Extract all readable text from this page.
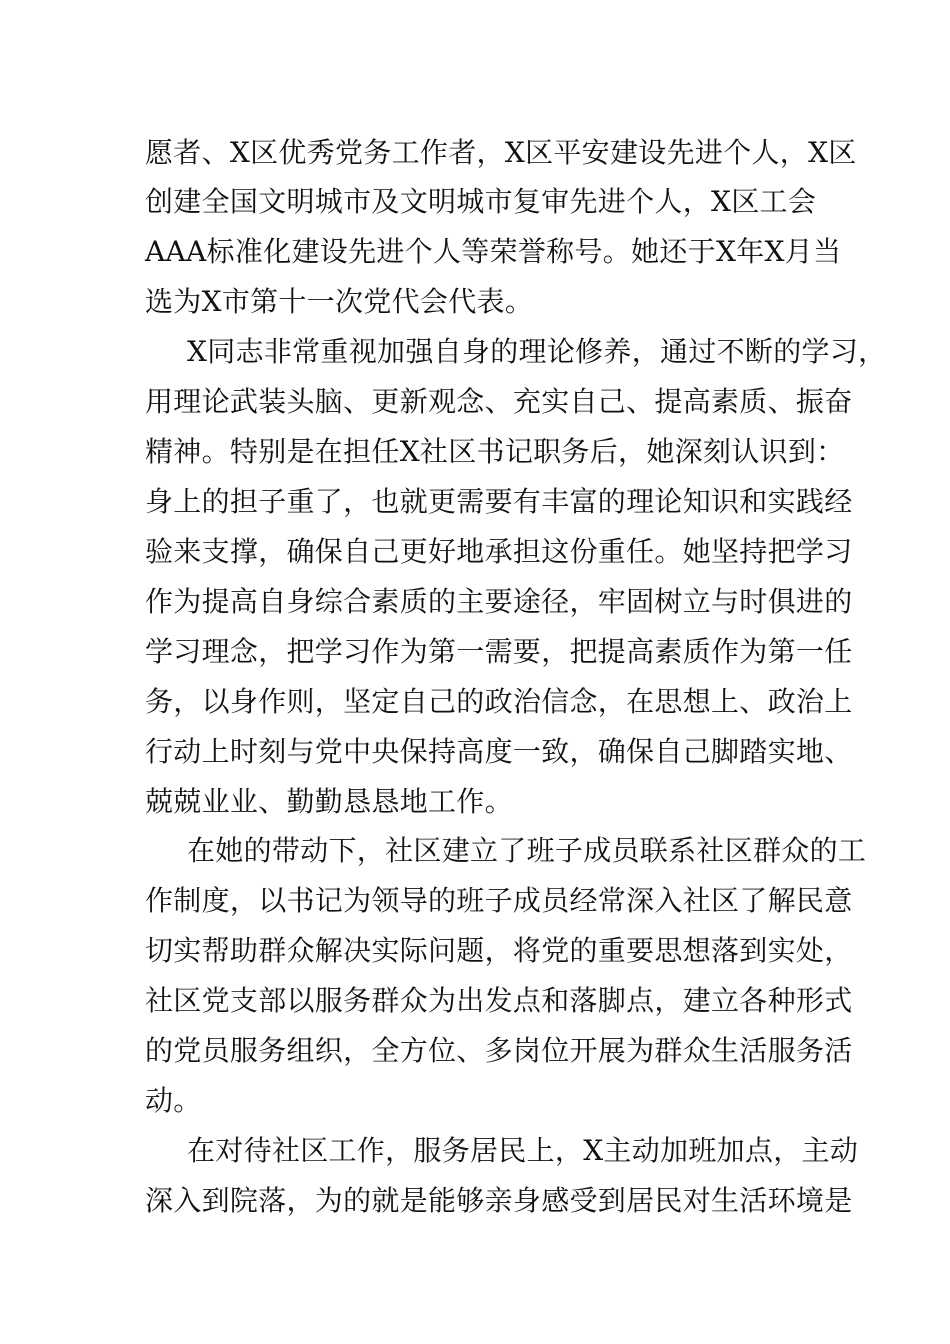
愿者、X区优秀党务工作者，X区平安建设先进个人，X区
创建全国文明城市及文明城市复审先进个人，X区工会
AAA标准化建设先进个人等荣誉称号。她还于X年X月当
选为X市第十一次党代会代表。
X同志非常重视加强自身的理论修养，通过不断的学习，
用理论武装头脑、更新观念、充实自己、提高素质、振奋
精神。特别是在担任X社区书记职务后，她深刻认识到：
身上的担子重了，也就更需要有丰富的理论知识和实践经
验来支撑，确保自己更好地承担这份重任。她坚持把学习
作为提高自身综合素质的主要途径，牢固树立与时俱进的
学习理念，把学习作为第一需要，把提高素质作为第一任
务，以身作则，坚定自己的政治信念，在思想上、政治上
行动上时刻与党中央保持高度一致，确保自己脚踏实地、
兢兢业业、勤勤恳恳地工作。
在她的带动下，社区建立了班子成员联系社区群众的工
作制度，以书记为领导的班子成员经常深入社区了解民意
切实帮助群众解决实际问题，将党的重要思想落到实处，
社区党支部以服务群众为出发点和落脚点，建立各种形式
的党员服务组织，全方位、多岗位开展为群众生活服务活
动。
在对待社区工作，服务居民上，X主动加班加点，主动
深入到院落，为的就是能够亲身感受到居民对生活环境是
